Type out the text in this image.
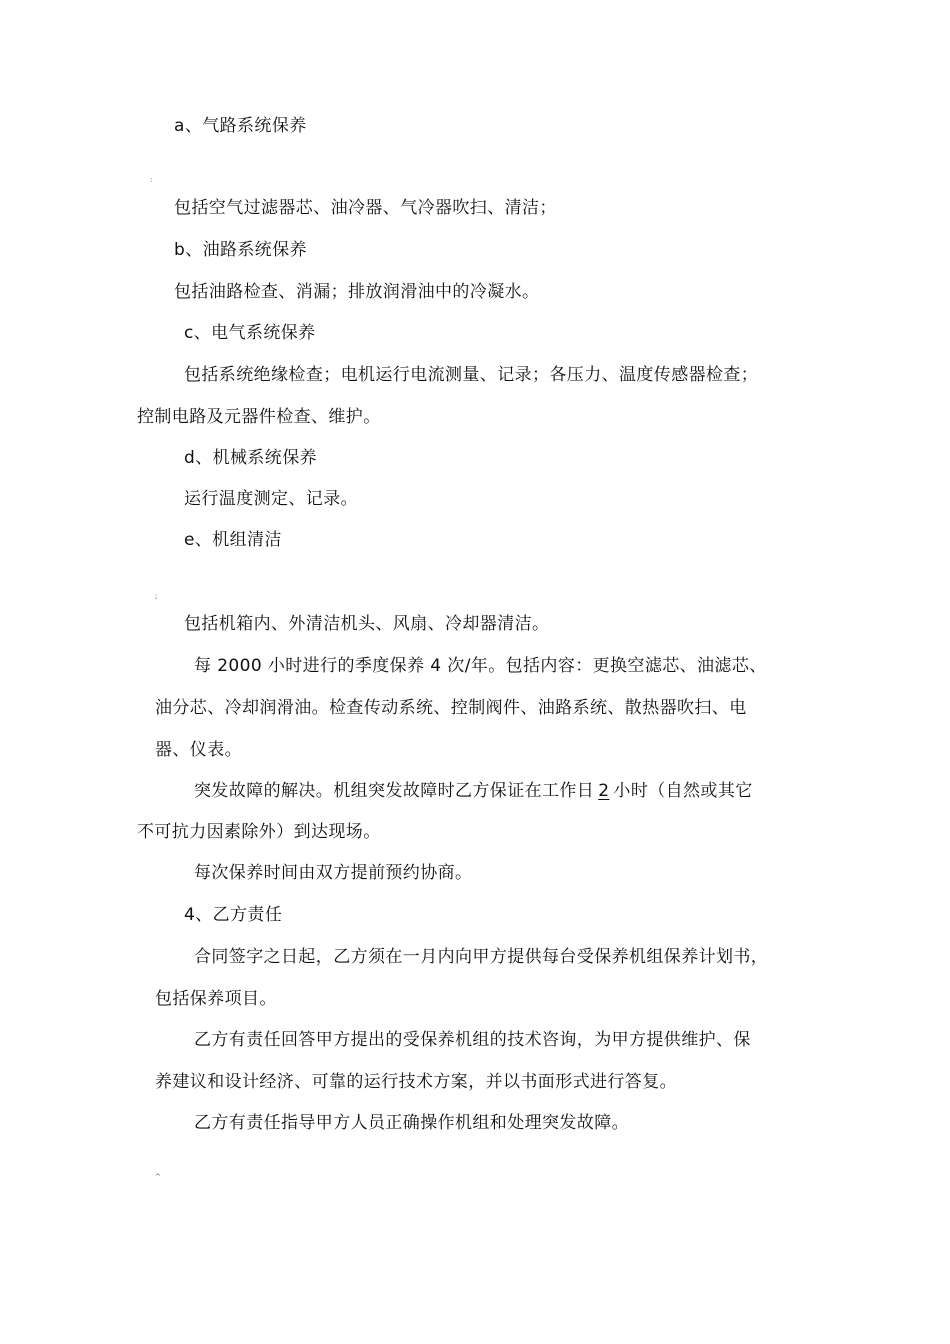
a、气路系统保养
:
包括空气过滤器芯、油冷器、气冷器吹扫、清洁；
b、油路系统保养
包括油路检查、消漏；排放润滑油中的冷凝水。
c、电气系统保养
包括系统绝缘检查；电机运行电流测量、记录；各压力、温度传感器检查；
控制电路及元器件检查、维护。
d、机械系统保养
运行温度测定、记录。
e、机组清洁
;
包括机箱内、外清洁机头、风扇、冷却器清洁。
每 2000 小时进行的季度保养 4 次/年。包括内容：更换空滤芯、油滤芯、
油分芯、冷却润滑油。检查传动系统、控制阀件、油路系统、散热器吹扫、电
器、仪表。
突发故障的解决。机组突发故障时乙方保证在工作日 2 小时（自然或其它
不可抗力因素除外）到达现场。
每次保养时间由双方提前预约协商。
4、乙方责任
合同签字之日起，乙方须在一月内向甲方提供每台受保养机组保养计划书，
包括保养项目。
乙方有责任回答甲方提出的受保养机组的技术咨询，为甲方提供维护、保
养建议和设计经济、可靠的运行技术方案，并以书面形式进行答复。
乙方有责任指导甲方人员正确操作机组和处理突发故障。
^
